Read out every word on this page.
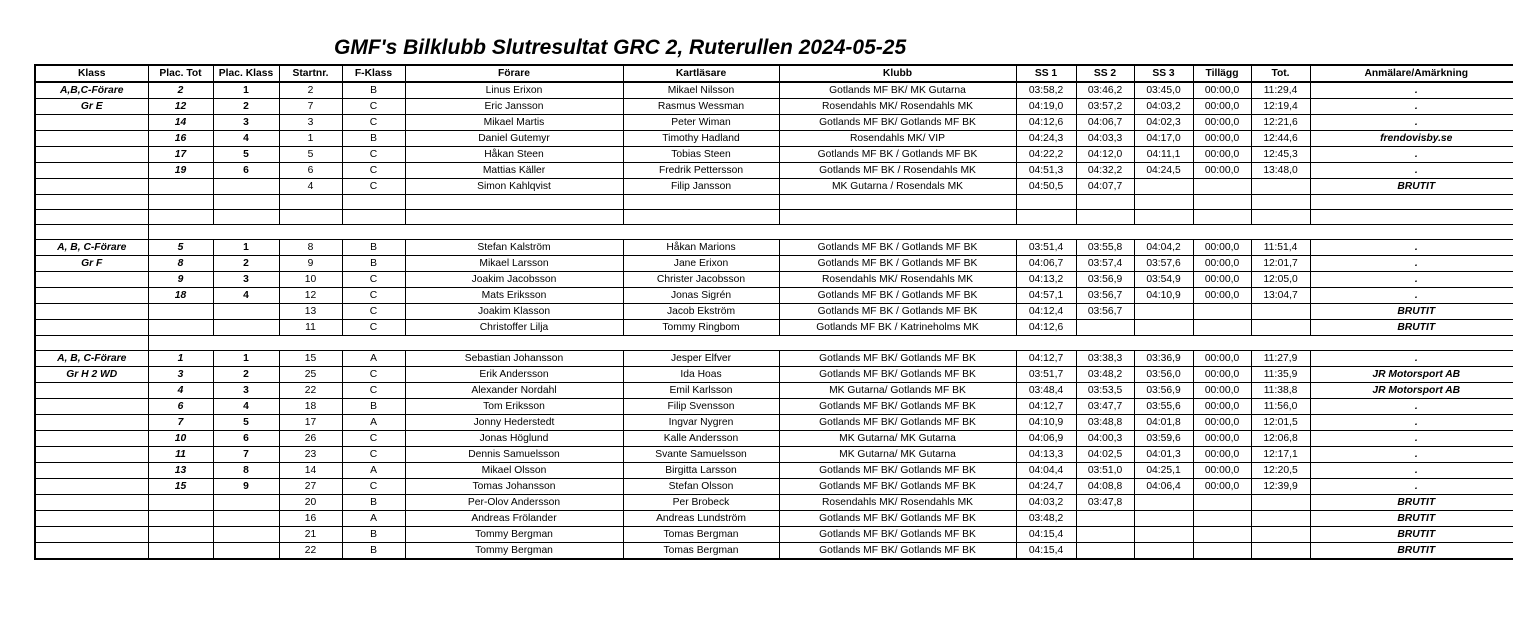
GMF's Bilklubb Slutresultat GRC 2, Ruterullen 2024-05-25
Klass	Plac. Tot	Plac. Klass	Startnr.	F-Klass	Förare	Kartläsare	Klubb	SS 1	SS 2	SS 3	Tillägg	Tot.	Anmälare/Amärkning
A,B,C-Förare	2	1	2	B	Linus Erixon	Mikael Nilsson	Gotlands MF BK/ MK Gutarna	03:58,2	03:46,2	03:45,0	00:00,0	11:29,4	.
Gr E	12	2	7	C	Eric Jansson	Rasmus Wessman	Rosendahls MK/ Rosendahls MK	04:19,0	03:57,2	04:03,2	00:00,0	12:19,4	.
	14	3	3	C	Mikael Martis	Peter Wiman	Gotlands MF BK/ Gotlands MF BK	04:12,6	04:06,7	04:02,3	00:00,0	12:21,6	.
	16	4	1	B	Daniel Gutemyr	Timothy Hadland	Rosendahls MK/ VIP	04:24,3	04:03,3	04:17,0	00:00,0	12:44,6	frendovisby.se
	17	5	5	C	Håkan Steen	Tobias Steen	Gotlands MF BK / Gotlands MF BK	04:22,2	04:12,0	04:11,1	00:00,0	12:45,3	.
	19	6	6	C	Mattias Käller	Fredrik Pettersson	Gotlands MF BK / Rosendahls MK	04:51,3	04:32,2	04:24,5	00:00,0	13:48,0	.
			4	C	Simon Kahlqvist	Filip Jansson	MK Gutarna / Rosendals MK	04:50,5	04:07,7				BRUTIT

A, B, C-Förare	5	1	8	B	Stefan Kalström	Håkan Marions	Gotlands MF BK / Gotlands MF BK	03:51,4	03:55,8	04:04,2	00:00,0	11:51,4	.
Gr F	8	2	9	B	Mikael Larsson	Jane Erixon	Gotlands MF BK / Gotlands MF BK	04:06,7	03:57,4	03:57,6	00:00,0	12:01,7	.
	9	3	10	C	Joakim Jacobsson	Christer Jacobsson	Rosendahls MK/ Rosendahls MK	04:13,2	03:56,9	03:54,9	00:00,0	12:05,0	.
	18	4	12	C	Mats Eriksson	Jonas Sigrén	Gotlands MF BK / Gotlands MF BK	04:57,1	03:56,7	04:10,9	00:00,0	13:04,7	.
			13	C	Joakim Klasson	Jacob Ekström	Gotlands MF BK / Gotlands MF BK	04:12,4	03:56,7				BRUTIT
			11	C	Christoffer Lilja	Tommy Ringbom	Gotlands MF BK / Katrineholms MK	04:12,6					BRUTIT

A, B, C-Förare	1	1	15	A	Sebastian Johansson	Jesper Elfver	Gotlands MF BK/ Gotlands MF BK	04:12,7	03:38,3	03:36,9	00:00,0	11:27,9	.
Gr H 2 WD	3	2	25	C	Erik Andersson	Ida Hoas	Gotlands MF BK/ Gotlands MF BK	03:51,7	03:48,2	03:56,0	00:00,0	11:35,9	JR Motorsport AB
	4	3	22	C	Alexander Nordahl	Emil Karlsson	MK Gutarna/ Gotlands MF BK	03:48,4	03:53,5	03:56,9	00:00,0	11:38,8	JR Motorsport AB
	6	4	18	B	Tom Eriksson	Filip Svensson	Gotlands MF BK/ Gotlands MF BK	04:12,7	03:47,7	03:55,6	00:00,0	11:56,0	.
	7	5	17	A	Jonny Hederstedt	Ingvar Nygren	Gotlands MF BK/ Gotlands MF BK	04:10,9	03:48,8	04:01,8	00:00,0	12:01,5	.
	10	6	26	C	Jonas Höglund	Kalle Andersson	MK Gutarna/ MK Gutarna	04:06,9	04:00,3	03:59,6	00:00,0	12:06,8	.
	11	7	23	C	Dennis Samuelsson	Svante Samuelsson	MK Gutarna/ MK Gutarna	04:13,3	04:02,5	04:01,3	00:00,0	12:17,1	.
	13	8	14	A	Mikael Olsson	Birgitta Larsson	Gotlands MF BK/ Gotlands MF BK	04:04,4	03:51,0	04:25,1	00:00,0	12:20,5	.
	15	9	27	C	Tomas Johansson	Stefan Olsson	Gotlands MF BK/ Gotlands MF BK	04:24,7	04:08,8	04:06,4	00:00,0	12:39,9	.
			20	B	Per-Olov Andersson	Per Brobeck	Rosendahls MK/ Rosendahls MK	04:03,2	03:47,8				BRUTIT
			16	A	Andreas Frölander	Andreas Lundström	Gotlands MF BK/ Gotlands MF BK	03:48,2					BRUTIT
			21	B	Tommy Bergman	Tomas Bergman	Gotlands MF BK/ Gotlands MF BK	04:15,4					BRUTIT
			22	B	Tommy Bergman	Tomas Bergman	Gotlands MF BK/ Gotlands MF BK	04:15,4					BRUTIT
